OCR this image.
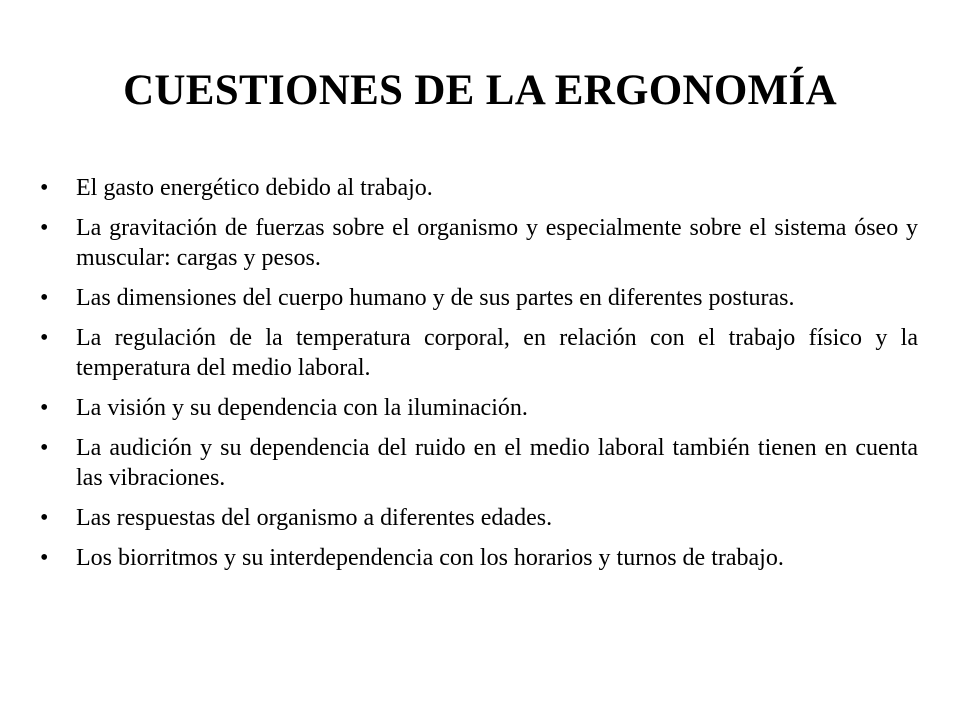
CUESTIONES DE LA ERGONOMÍA
•	El gasto energético debido al trabajo.
•	La gravitación de fuerzas sobre el organismo y especialmente sobre el sistema óseo y muscular: cargas y pesos.
•	Las dimensiones del cuerpo humano y de sus partes en diferentes posturas.
•	La regulación de la temperatura corporal, en relación con el trabajo físico y la temperatura del medio laboral.
•	La visión y su dependencia con la iluminación.
•	La audición y su dependencia del ruido en el medio laboral también tienen en cuenta las vibraciones.
•	Las respuestas del organismo a diferentes edades.
•	Los biorritmos y su interdependencia con los horarios y turnos de trabajo.
